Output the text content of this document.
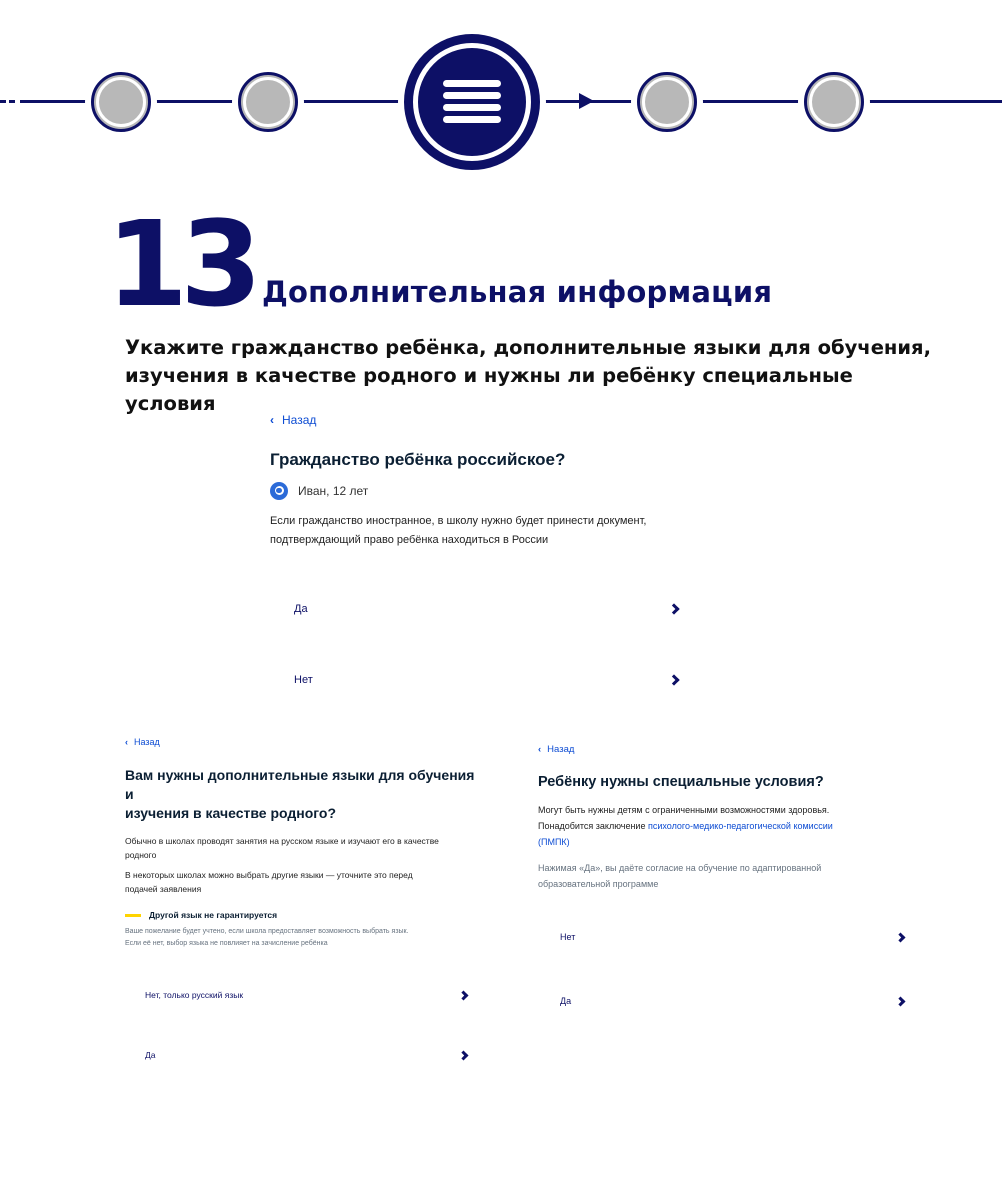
13 Дополнительная информация
Укажите гражданство ребёнка, дополнительные языки для обучения,
изучения в качестве родного и нужны ли ребёнку специальные условия
‹ Назад
Гражданство ребёнка российское?
Иван, 12 лет
Если гражданство иностранное, в школу нужно будет принести документ,
подтверждающий право ребёнка находиться в России
Да
Нет
‹ Назад
Вам нужны дополнительные языки для обучения и
изучения в качестве родного?
Обычно в школах проводят занятия на русском языке и изучают его в качестве
родного
В некоторых школах можно выбрать другие языки — уточните это перед
подачей заявления
Другой язык не гарантируется
Ваше пожелание будет учтено, если школа предоставляет возможность выбрать язык.
Если её нет, выбор языка не повлияет на зачисление ребёнка
Нет, только русский язык
Да
‹ Назад
Ребёнку нужны специальные условия?
Могут быть нужны детям с ограниченными возможностями здоровья.
Понадобится заключение психолого-медико-педагогической комиссии
(ПМПК)
Нажимая «Да», вы даёте согласие на обучение по адаптированной
образовательной программе
Нет
Да
